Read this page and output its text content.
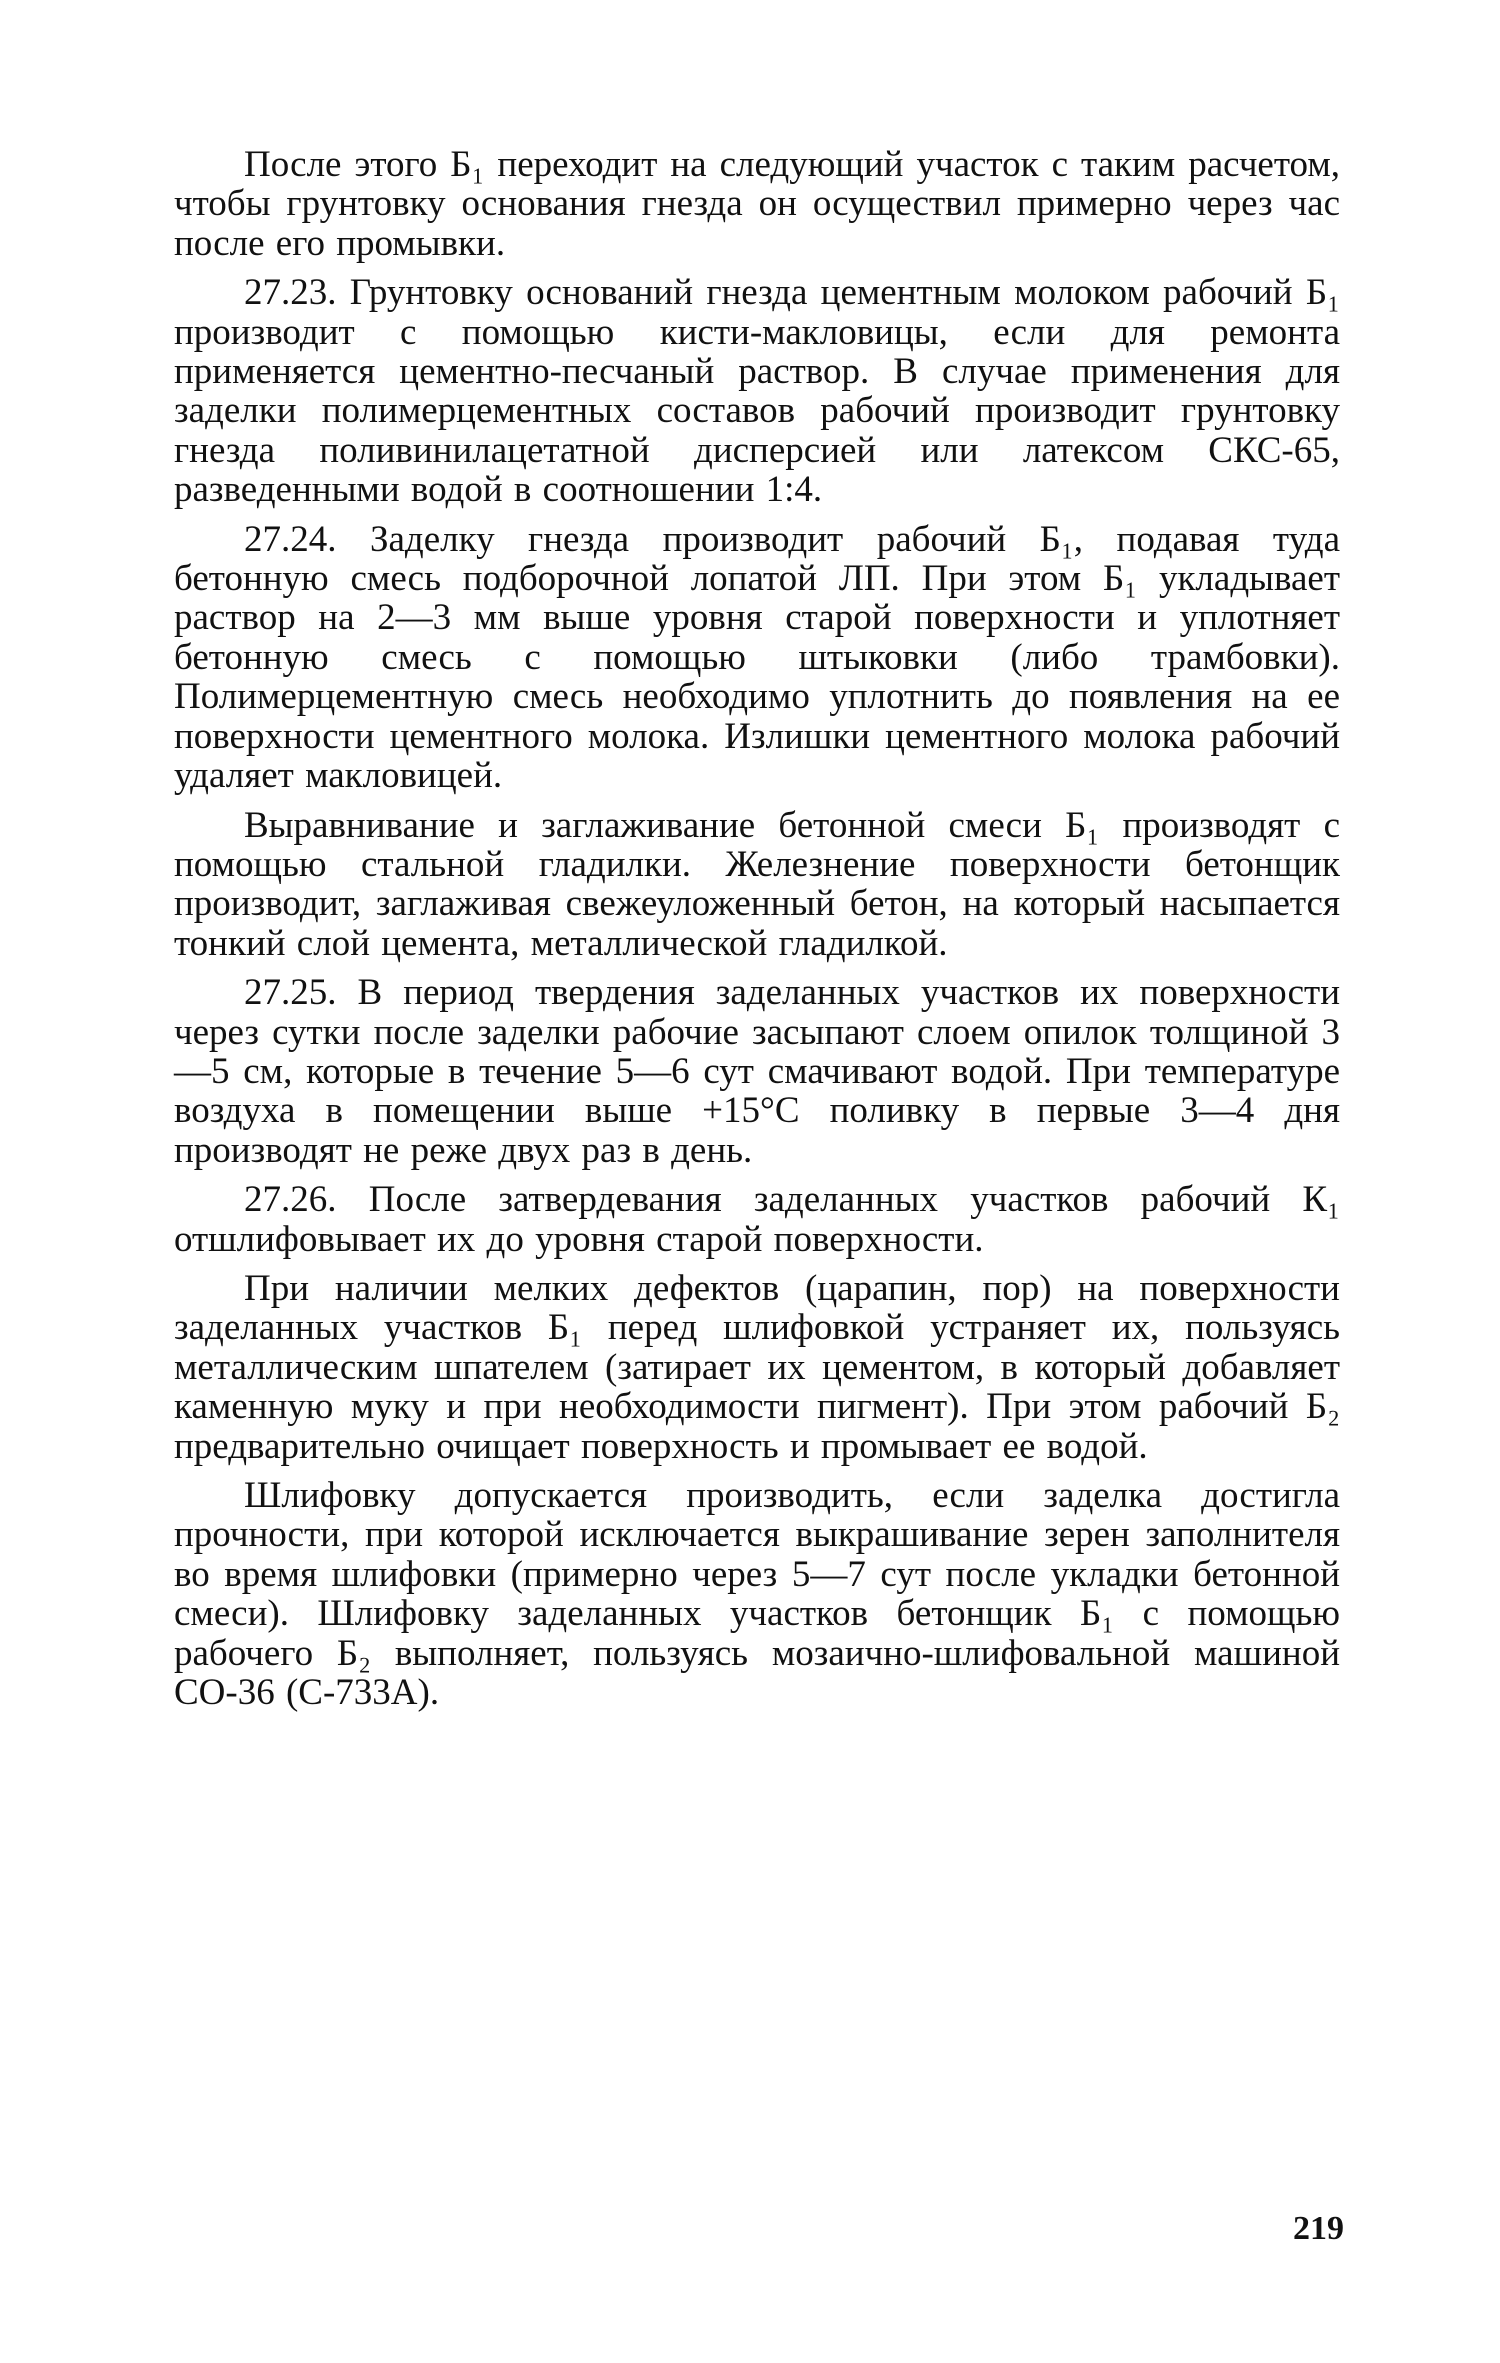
После этого Б₁ переходит на следующий участок с таким расчетом, чтобы грунтовку основания гнезда он осуществил примерно через час после его промывки.

27.23. Грунтовку оснований гнезда цементным молоком рабочий Б₁ производит с помощью кисти-макловицы, если для ремонта применяется цементно-песчаный раствор. В случае применения для заделки полимерцементных составов рабочий производит грунтовку гнезда поливинилацетатной дисперсией или латексом СКС-65, разведенными водой в соотношении 1:4.

27.24. Заделку гнезда производит рабочий Б₁, подавая туда бетонную смесь подборочной лопатой ЛП. При этом Б₁ укладывает раствор на 2—3 мм выше уровня старой поверхности и уплотняет бетонную смесь с помощью штыковки (либо трамбовки). Полимерцементную смесь необходимо уплотнить до появления на ее поверхности цементного молока. Излишки цементного молока рабочий удаляет макловицей.

Выравнивание и заглаживание бетонной смеси Б₁ производят с помощью стальной гладилки. Железнение поверхности бетонщик производит, заглаживая свежеуложенный бетон, на который насыпается тонкий слой цемента, металлической гладилкой.

27.25. В период твердения заделанных участков их поверхности через сутки после заделки рабочие засыпают слоем опилок толщиной 3—5 см, которые в течение 5—6 сут смачивают водой. При температуре воздуха в помещении выше +15°С поливку в первые 3—4 дня производят не реже двух раз в день.

27.26. После затвердевания заделанных участков рабочий К₁ отшлифовывает их до уровня старой поверхности.

При наличии мелких дефектов (царапин, пор) на поверхности заделанных участков Б₁ перед шлифовкой устраняет их, пользуясь металлическим шпателем (затирает их цементом, в который добавляет каменную муку и при необходимости пигмент). При этом рабочий Б₂ предварительно очищает поверхность и промывает ее водой.

Шлифовку допускается производить, если заделка достигла прочности, при которой исключается выкрашивание зерен заполнителя во время шлифовки (примерно через 5—7 сут после укладки бетонной смеси). Шлифовку заделанных участков бетонщик Б₁ с помощью рабочего Б₂ выполняет, пользуясь мозаично-шлифовальной машиной СО-36 (С-733А).

219
